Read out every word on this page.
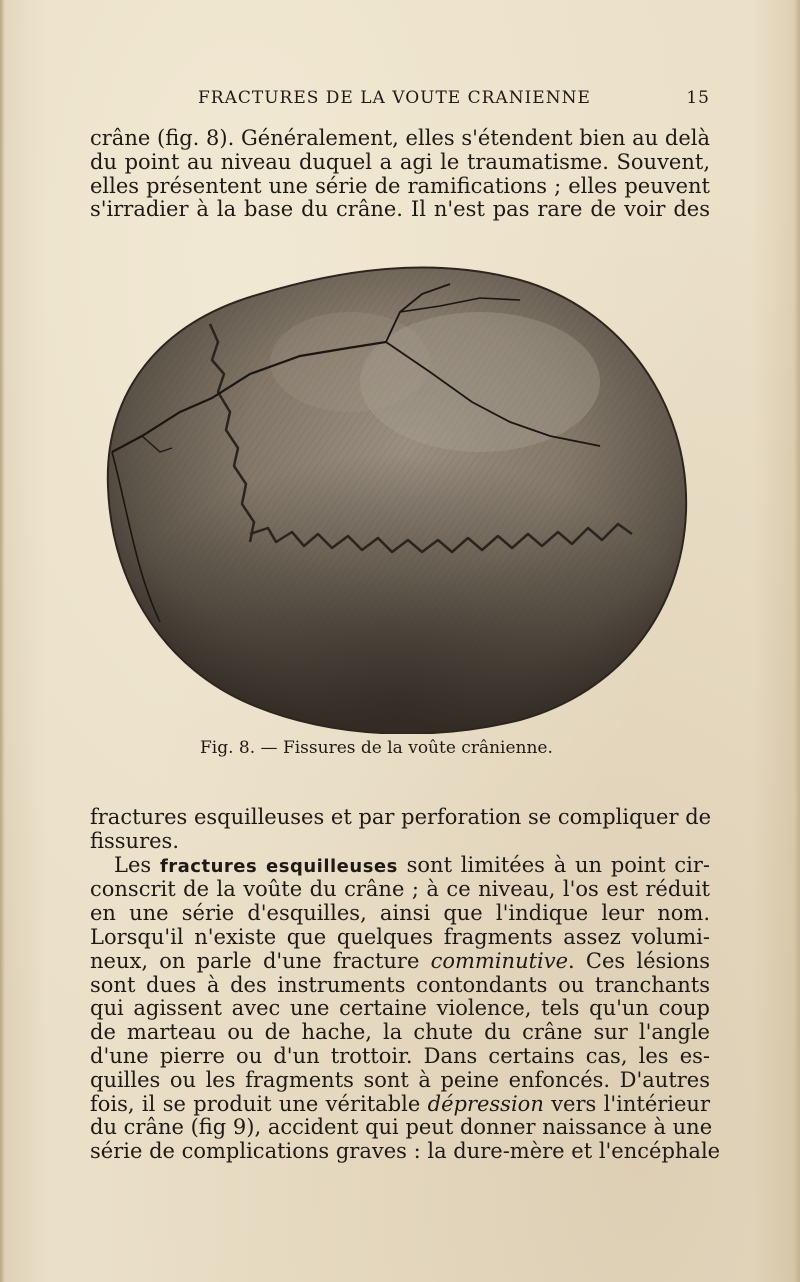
FRACTURES DE LA VOUTE CRANIENNE	15
crâne (fig. 8). Généralement, elles s'étendent bien au delà
du point au niveau duquel a agi le traumatisme. Souvent,
elles présentent une série de ramifications ; elles peuvent
s'irradier à la base du crâne. Il n'est pas rare de voir des
Fig. 8. — Fissures de la voûte crânienne.
fractures esquilleuses et par perforation se compliquer de
fissures.
Les fractures esquilleuses sont limitées à un point cir-
conscrit de la voûte du crâne ; à ce niveau, l'os est réduit
en une série d'esquilles, ainsi que l'indique leur nom.
Lorsqu'il n'existe que quelques fragments assez volumi-
neux, on parle d'une fracture comminutive. Ces lésions
sont dues à des instruments contondants ou tranchants
qui agissent avec une certaine violence, tels qu'un coup
de marteau ou de hache, la chute du crâne sur l'angle
d'une pierre ou d'un trottoir. Dans certains cas, les es-
quilles ou les fragments sont à peine enfoncés. D'autres
fois, il se produit une véritable dépression vers l'intérieur
du crâne (fig 9), accident qui peut donner naissance à une
série de complications graves : la dure-mère et l'encéphale
